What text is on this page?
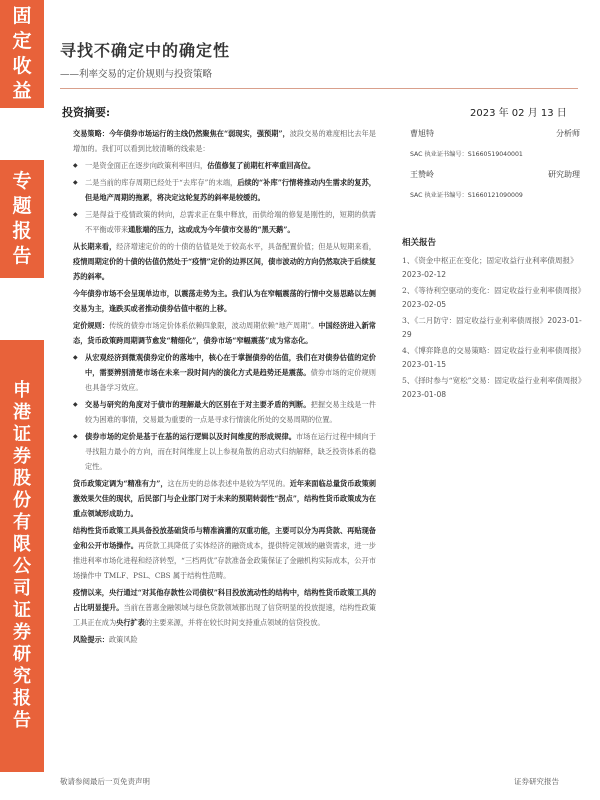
固
定
收
益
专
题
报
告
申
港
证
券
股
份
有
限
公
司
证
券
研
究
报
告
寻找不确定中的确定性
——利率交易的定价规则与投资策略
投资摘要:	2023 年 02 月 13 日

交易策略：今年债券市场运行的主线仍然聚焦在“弱现实，强预期”，波段交易的难度相比去年是增加的。我们可以看到比较清晰的线索是：

◆ 一是资金面正在逐步向政策利率回归，估值修复了前期杠杆率重回高位。

◆ 二是当前的库存周期已经处于“去库存”的末端，后续的“补库”行情将推动内生需求的复苏，但是地产周期的拖累，将决定这轮复苏的斜率是较缓的。

◆ 三是得益于疫情政策的转向，总需求正在集中释放，而供给端的修复是刚性的，短期的供需不平衡或带来通胀端的压力，这或成为今年债市交易的“黑天鹅”。

从长期来看，经济增速定价的的十债的估值是处于较高水平，具备配置价值；但是从短期来看，疫情周期定价的十债的估值仍然处于“疫情”定价的边界区间，债市波动的方向仍然取决于后续复苏的斜率。

今年债券市场不会呈现单边市，以震荡走势为主。我们认为在窄幅震荡的行情中交易思路以左侧交易为主，逢跌买或者推动债券估值中枢的上移。

定价规则：传统的债券市场定价体系依赖四象限，波动周期依赖“地产周期”。中国经济进入新常态，货币政策跨周期调节愈发“精细化”，债券市场“窄幅震荡”成为常态化。

◆ 从宏观经济到微观债券定价的落地中，核心在于掌握债券的估值，我们在对债券估值的定价中，需要辨别清楚市场在未来一段时间内的演化方式是趋势还是震荡。债券市场的定价规则也具备学习效应。

◆ 交易与研究的角度对于债市的理解最大的区别在于对主要矛盾的判断。把握交易主线是一件较为困难的事情，交易最为重要的一点是寻求行情演化所处的交易周期的位置。

◆ 债券市场的定价是基于在基的运行逻辑以及时间维度的形成规律。市场在运行过程中倾向于寻找阻力最小的方向，而在时间维度上以上参视角散的启动式归纳解释，缺乏投资体系的稳定性。

货币政策定调为“精准有力”，这在历史的总体表述中是较为罕见的。近年来面临总量货币政策刺激效果欠佳的现状，后民部门与企业部门对于未来的预期转弱性“拐点”，结构性货币政策成为在重点领域形成助力。

结构性货币政策工具具备投放基础货币与精准滴灌的双重功能，主要可以分为再贷款、再贴现备金和公开市场操作。再贷款工具降低了实体经济的融资成本，提供特定领域的融资需求，进一步推进利率市场化进程和经济转型，“三档两优”存款准备金政策保证了金融机构实际成本，公开市场操作中 TMLF、PSL、CBS 属于结构性范畴。

疫情以来，央行通过“对其他存款性公司债权”科目投放流动性的结构中，结构性货币政策工具的占比明显提升。当前在普惠金融领域与绿色贷款领域都出现了信贷明显的投放提速，结构性政策工具正在成为央行扩表的主要来源，并将在较长时间支持重点领域的信贷投放。

风险提示：政策风险

曹旭特	分析师
SAC 执业证书编号：S1660519040001
王赞岭	研究助理
SAC 执业证书编号：S1660121090009
相关报告
1、《资金中枢正在变化；固定收益行业利率债周报》2023-02-12
2、《等待利空驱动的变化：固定收益行业利率债周报》2023-02-05
3、《二月防守：固定收益行业利率债周报》2023-01-29
4、《博弈降息的交易策略：固定收益行业利率债周报》2023-01-15
5、《择时参与“宽松”交易：固定收益行业利率债周报》2023-01-08
敬请参阅最后一页免责声明	证券研究报告
